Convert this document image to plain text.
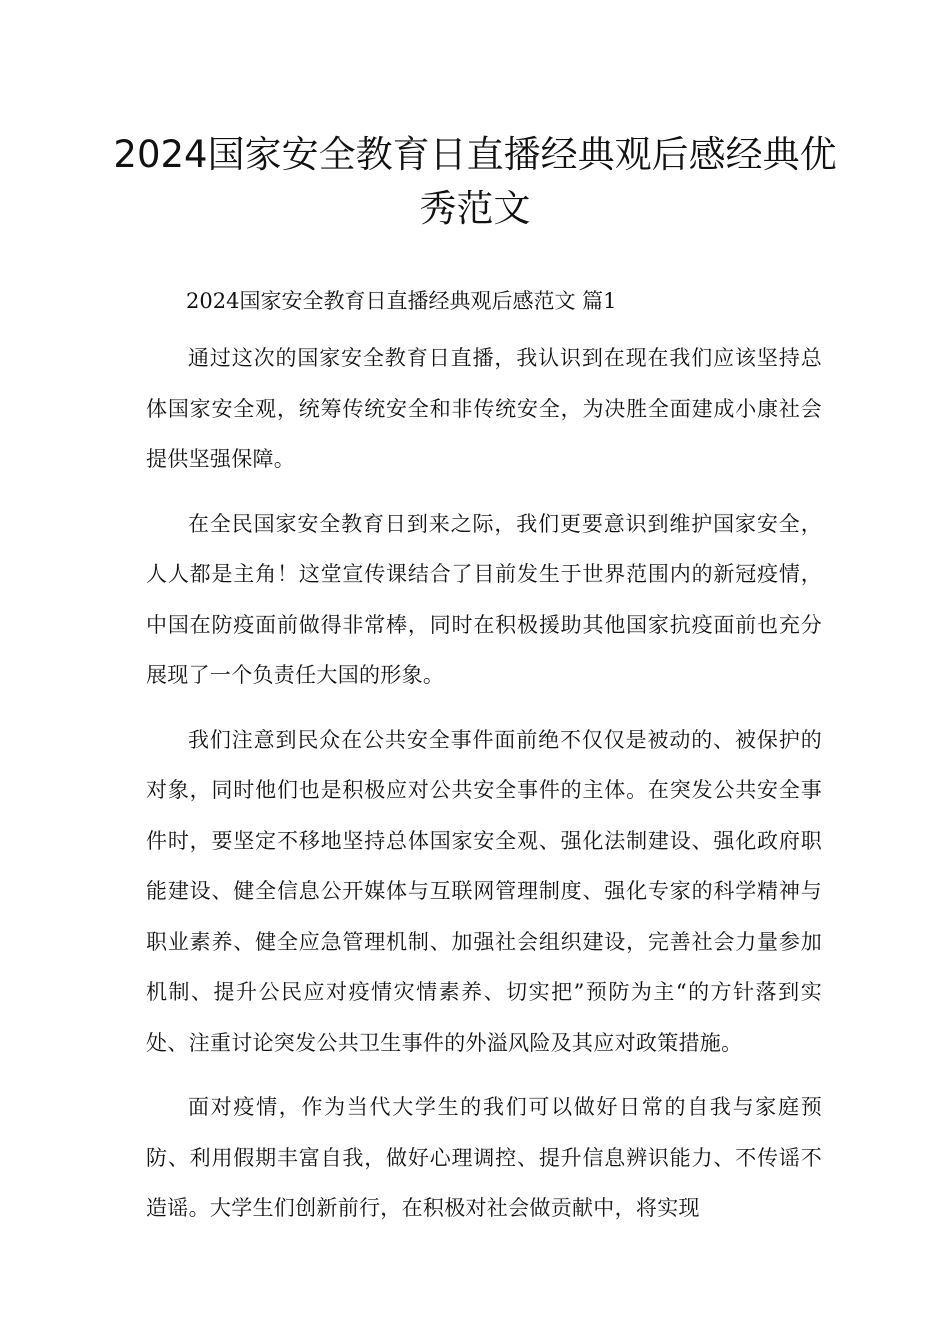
2024国家安全教育日直播经典观后感经典优秀范文

2024国家安全教育日直播经典观后感范文 篇1

通过这次的国家安全教育日直播，我认识到在现在我们应该坚持总体国家安全观，统筹传统安全和非传统安全，为决胜全面建成小康社会提供坚强保障。

在全民国家安全教育日到来之际，我们更要意识到维护国家安全，人人都是主角！这堂宣传课结合了目前发生于世界范围内的新冠疫情，中国在防疫面前做得非常棒，同时在积极援助其他国家抗疫面前也充分展现了一个负责任大国的形象。

我们注意到民众在公共安全事件面前绝不仅仅是被动的、被保护的对象，同时他们也是积极应对公共安全事件的主体。在突发公共安全事件时，要坚定不移地坚持总体国家安全观、强化法制建设、强化政府职能建设、健全信息公开媒体与互联网管理制度、强化专家的科学精神与职业素养、健全应急管理机制、加强社会组织建设，完善社会力量参加机制、提升公民应对疫情灾情素养、切实把”预防为主“的方针落到实处、注重讨论突发公共卫生事件的外溢风险及其应对政策措施。

面对疫情，作为当代大学生的我们可以做好日常的自我与家庭预防、利用假期丰富自我，做好心理调控、提升信息辨识能力、不传谣不造谣。大学生们创新前行，在积极对社会做贡献中，将实现
